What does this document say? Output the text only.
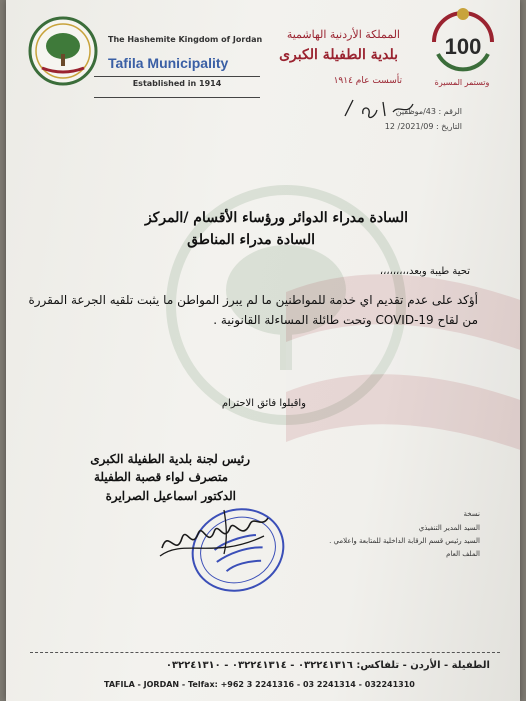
The Hashemite Kingdom of Jordan
Tafila Municipality
Established in 1914
المملكة الأردنية الهاشمية
بلدية الطفيلة الكبرى
تأسست عام ١٩١٤
100
وتستمر المسيرة
الرقم : 43/موظفين
التاريخ : 2021/09/ 12
السادة مدراء الدوائر ورؤساء الأقسام /المركز
السادة مدراء المناطق
تحية طيبة وبعد،،،،،،،،،
أؤكد على عدم تقديم اي خدمة للمواطنين ما لم يبرز المواطن ما يثبت تلقيه الجرعة المقررة
من لقاح COVID-19 وتحت طائلة المساءلة القانونية .
واقبلوا فائق الاحترام
رئيس لجنة بلدية الطفيلة الكبرى
متصرف لواء قصبة الطفيلة
الدكتور اسماعيل الصرايرة
نسخة
السيد المدير التنفيذي
السيد رئيس قسم الرقابة الداخلية للمتابعة واعلامي .
الملف العام
الطفيلة - الأردن - تلفاكس: ٠٣٢٢٤١٣١٦ - ٠٣٢٢٤١٣١٤ - ٠٣٢٢٤١٣١٠
TAFILA - JORDAN - Telfax: +962 3 2241316 - 03 2241314 - 032241310
